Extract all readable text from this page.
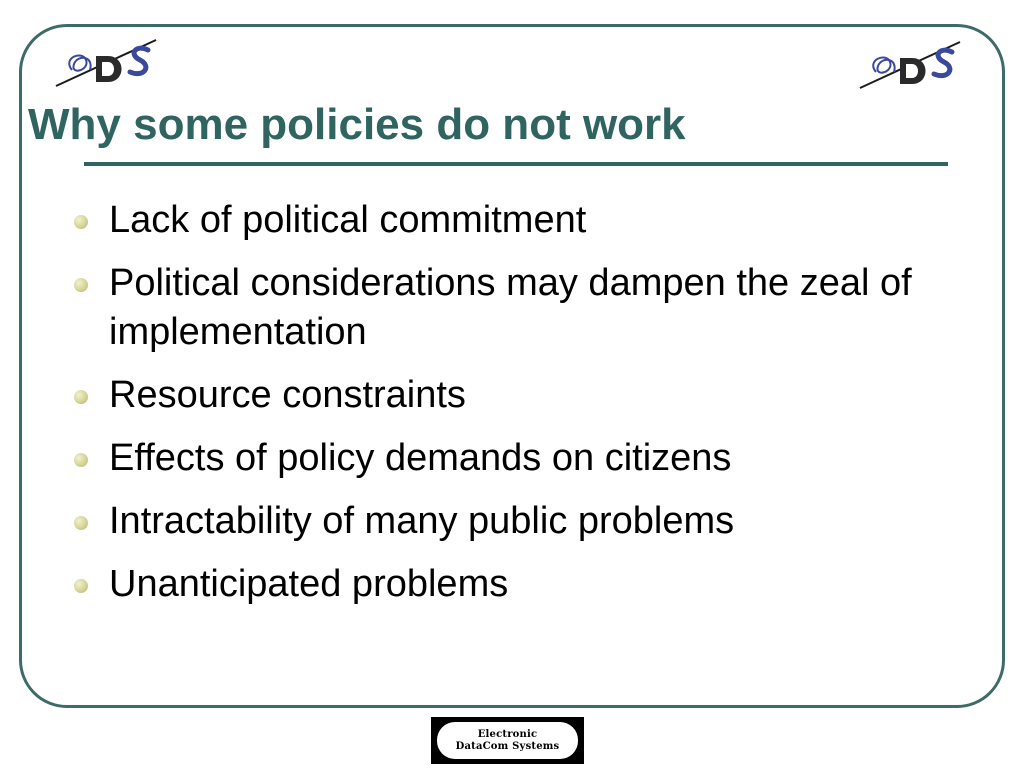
Why some policies do not work
Lack of political commitment
Political considerations may dampen the zeal of implementation
Resource constraints
Effects of policy demands on citizens
Intractability of many public problems
Unanticipated problems
Electronic
DataCom Systems
